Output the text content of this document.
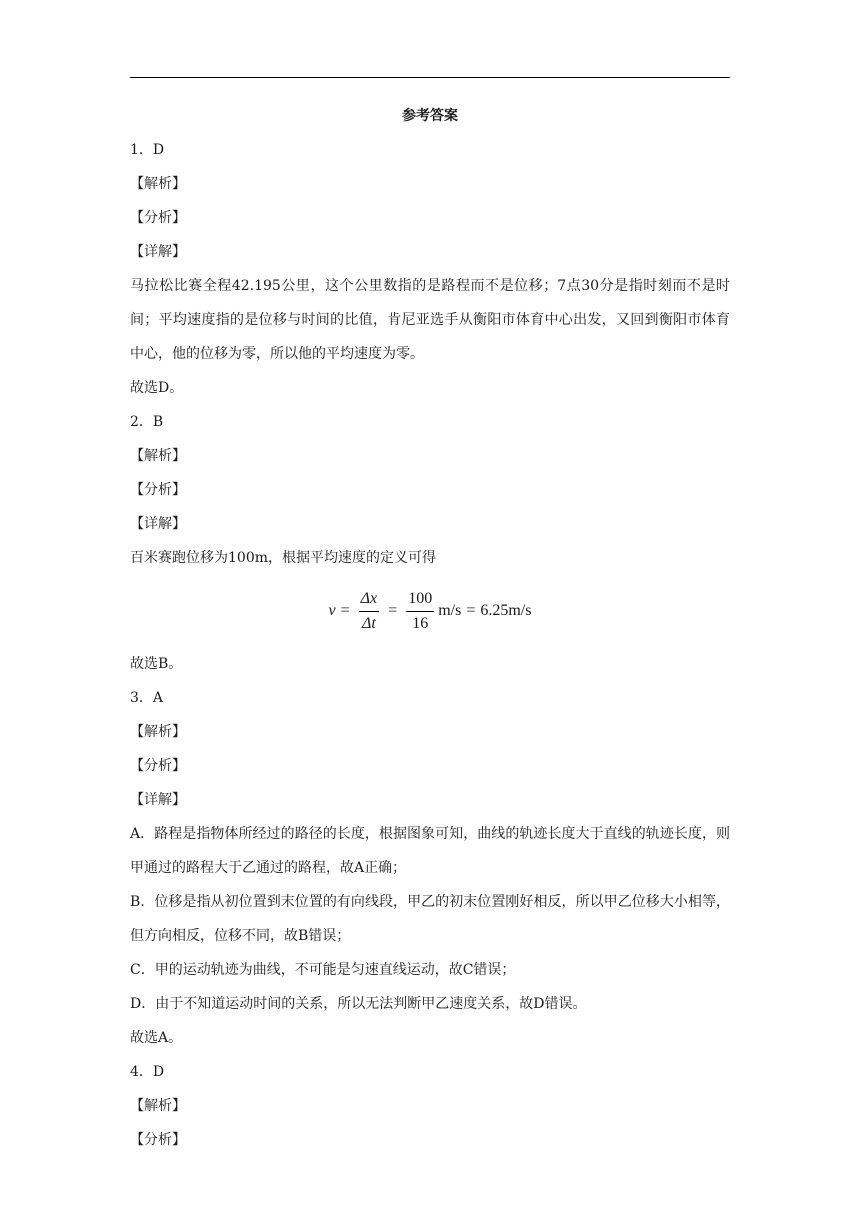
参考答案
1．D
【解析】
【分析】
【详解】
马拉松比赛全程42.195公里，这个公里数指的是路程而不是位移；7点30分是指时刻而不是时间；平均速度指的是位移与时间的比值，肯尼亚选手从衡阳市体育中心出发，又回到衡阳市体育中心，他的位移为零，所以他的平均速度为零。
故选D。
2．B
【解析】
【分析】
【详解】
百米赛跑位移为100m，根据平均速度的定义可得
$v = \frac{\Delta x}{\Delta t} = \frac{100}{16} m/s = 6.25m/s$
故选B。
3．A
【解析】
【分析】
【详解】
A．路程是指物体所经过的路径的长度，根据图象可知，曲线的轨迹长度大于直线的轨迹长度，则甲通过的路程大于乙通过的路程，故A正确；
B．位移是指从初位置到末位置的有向线段，甲乙的初末位置刚好相反，所以甲乙位移大小相等，但方向相反，位移不同，故B错误；
C．甲的运动轨迹为曲线，不可能是匀速直线运动，故C错误；
D．由于不知道运动时间的关系，所以无法判断甲乙速度关系，故D错误。
故选A。
4．D
【解析】
【分析】
